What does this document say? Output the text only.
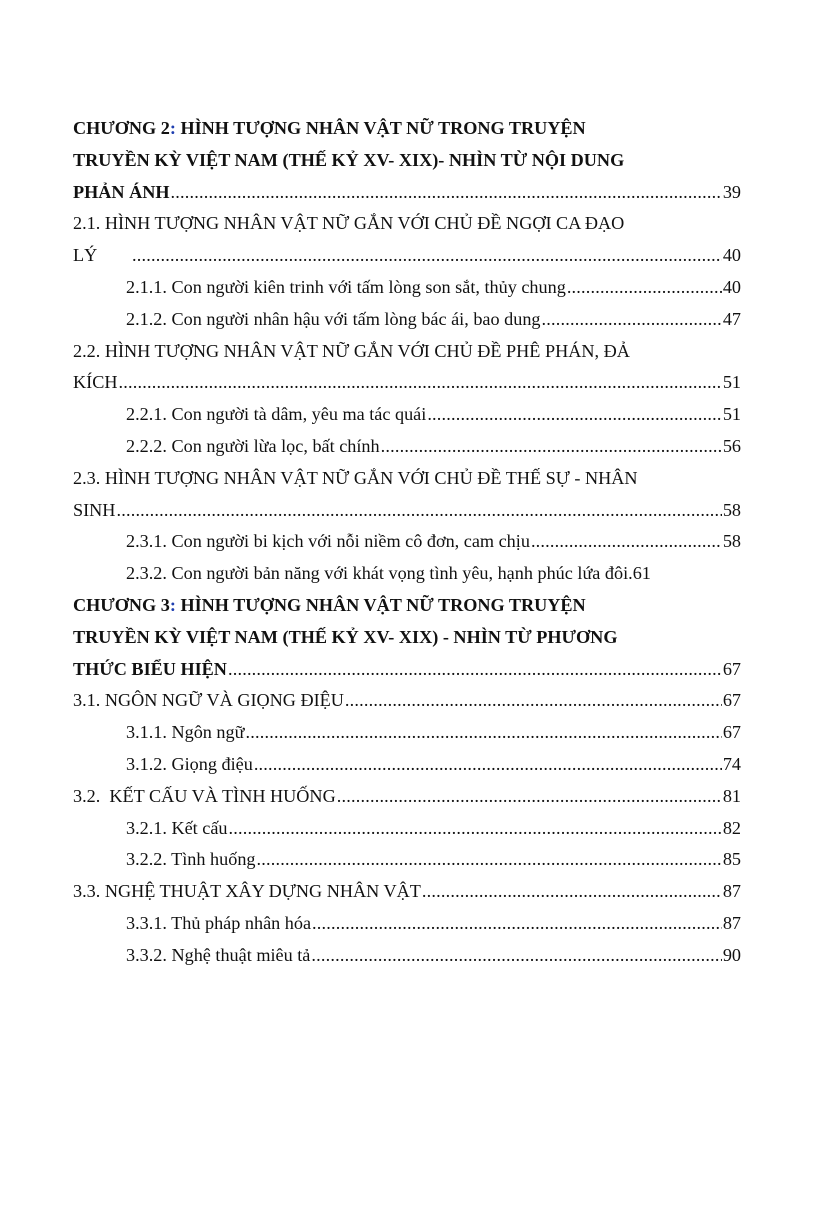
CHƯƠNG 2: HÌNH TƯỢNG NHÂN VẬT NỮ TRONG TRUYỆN
TRUYỀN KỲ VIỆT NAM (THẾ KỶ XV- XIX)- NHÌN TỪ NỘI DUNG
PHẢN ÁNH .....	39
2.1. HÌNH TƯỢNG NHÂN VẬT NỮ GẮN VỚI CHỦ ĐỀ NGỢI CA ĐẠO
LÝ .....	40
2.1.1. Con người kiên trinh với tấm lòng son sắt, thủy chung .....	40
2.1.2. Con người nhân hậu với tấm lòng bác ái, bao dung .....	47
2.2. HÌNH TƯỢNG NHÂN VẬT NỮ GẮN VỚI CHỦ ĐỀ PHÊ PHÁN, ĐẢ
KÍCH .....	51
2.2.1. Con người tà dâm, yêu ma tác quái .....	51
2.2.2. Con người lừa lọc, bất chính .....	56
2.3. HÌNH TƯỢNG NHÂN VẬT NỮ GẮN VỚI CHỦ ĐỀ THẾ SỰ - NHÂN
SINH .....	58
2.3.1. Con người bi kịch với nỗi niềm cô đơn, cam chịu .....	58
2.3.2. Con người bản năng với khát vọng tình yêu, hạnh phúc lứa đôi.61
CHƯƠNG 3: HÌNH TƯỢNG NHÂN VẬT NỮ TRONG TRUYỆN
TRUYỀN KỲ VIỆT NAM (THẾ KỶ XV- XIX) - NHÌN TỪ PHƯƠNG
THỨC BIỂU HIỆN .....	67
3.1. NGÔN NGỮ VÀ GIỌNG ĐIỆU .....	67
3.1.1. Ngôn ngữ .....	67
3.1.2. Giọng điệu .....	74
3.2.  KẾT CẤU VÀ TÌNH HUỐNG .....	81
3.2.1. Kết cấu .....	82
3.2.2. Tình huống .....	85
3.3. NGHỆ THUẬT XÂY DỰNG NHÂN VẬT .....	87
3.3.1. Thủ pháp nhân hóa .....	87
3.3.2. Nghệ thuật miêu tả .....	90
